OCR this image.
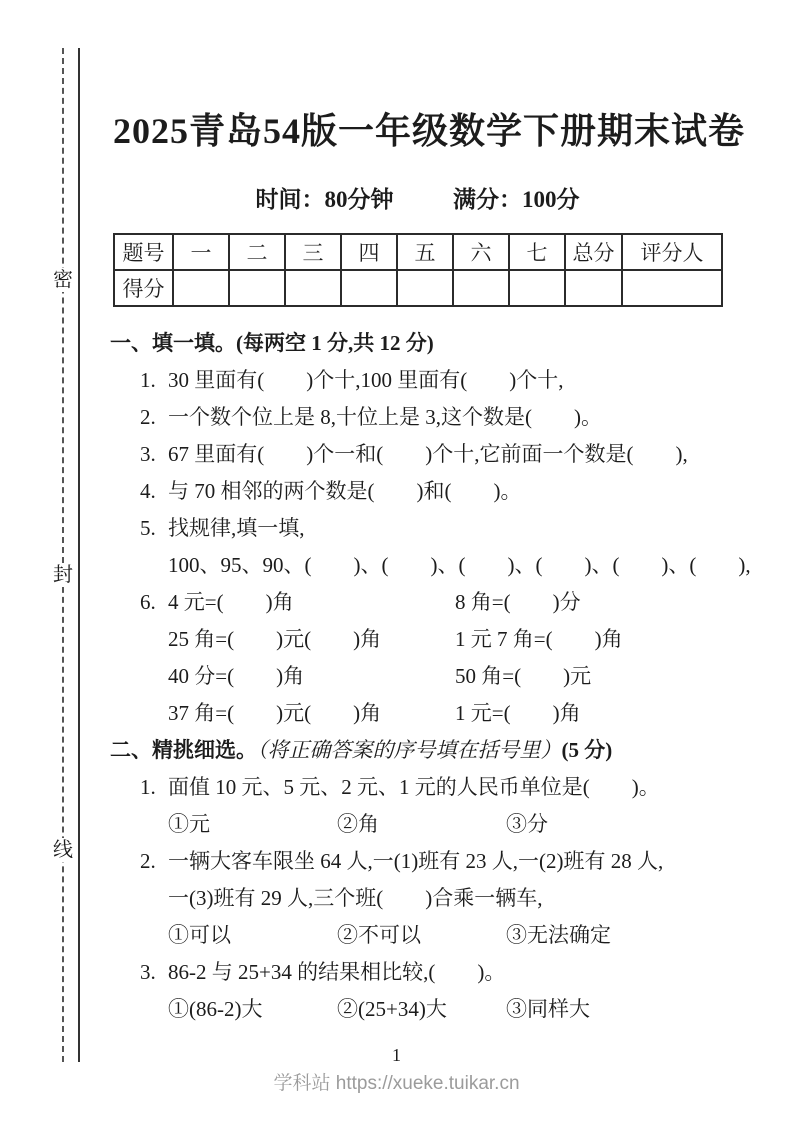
密
封
线
2025青岛54版一年级数学下册期末试卷
时间：80分钟	满分：100分
题号	一	二	三	四	五	六	七	总分	评分人
得分									
一、填一填。(每两空 1 分,共 12 分)
1. 30 里面有(　　)个十,100 里面有(　　)个十,
2. 一个数个位上是 8,十位上是 3,这个数是(　　)。
3. 67 里面有(　　)个一和(　　)个十,它前面一个数是(　　),
4. 与 70 相邻的两个数是(　　)和(　　)。
5. 找规律,填一填,
100、95、90、(　　)、(　　)、(　　)、(　　)、(　　)、(　　),
6. 4 元=(　　)角	8 角=(　　)分
25 角=(　　)元(　　)角	1 元 7 角=(　　)角
40 分=(　　)角	50 角=(　　)元
37 角=(　　)元(　　)角	1 元=(　　)角
二、精挑细选。（将正确答案的序号填在括号里）(5 分)
1. 面值 10 元、5 元、2 元、1 元的人民币单位是(　　)。
①元	②角	③分
2. 一辆大客车限坐 64 人,一(1)班有 23 人,一(2)班有 28 人,
一(3)班有 29 人,三个班(　　)合乘一辆车,
①可以	②不可以	③无法确定
3. 86-2 与 25+34 的结果相比较,(　　)。
①(86-2)大	②(25+34)大	③同样大
1
学科站 https://xueke.tuikar.cn
